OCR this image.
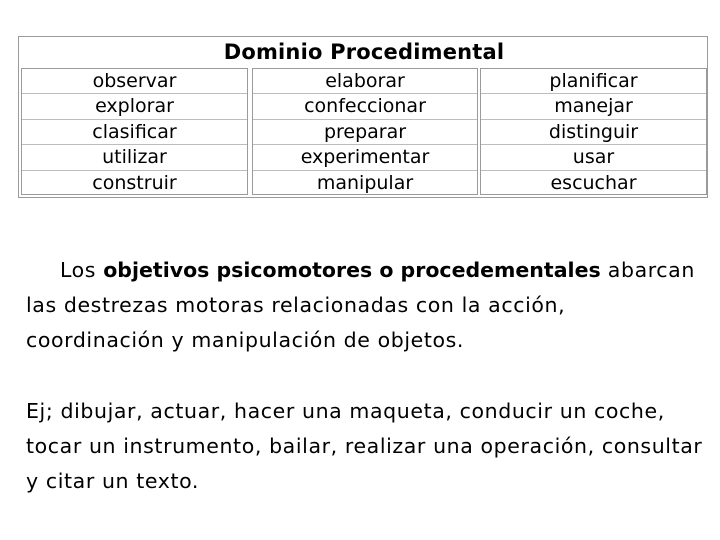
Dominio Procedimental
observar
explorar
clasificar
utilizar
construir
elaborar
confeccionar
preparar
experimentar
manipular
planificar
manejar
distinguir
usar
escuchar
Los objetivos psicomotores o procedementales abarcan las destrezas motoras relacionadas con la acción, coordinación y manipulación de objetos.
Ej; dibujar, actuar, hacer una maqueta, conducir un coche, tocar un instrumento, bailar, realizar una operación, consultar y citar un texto.
